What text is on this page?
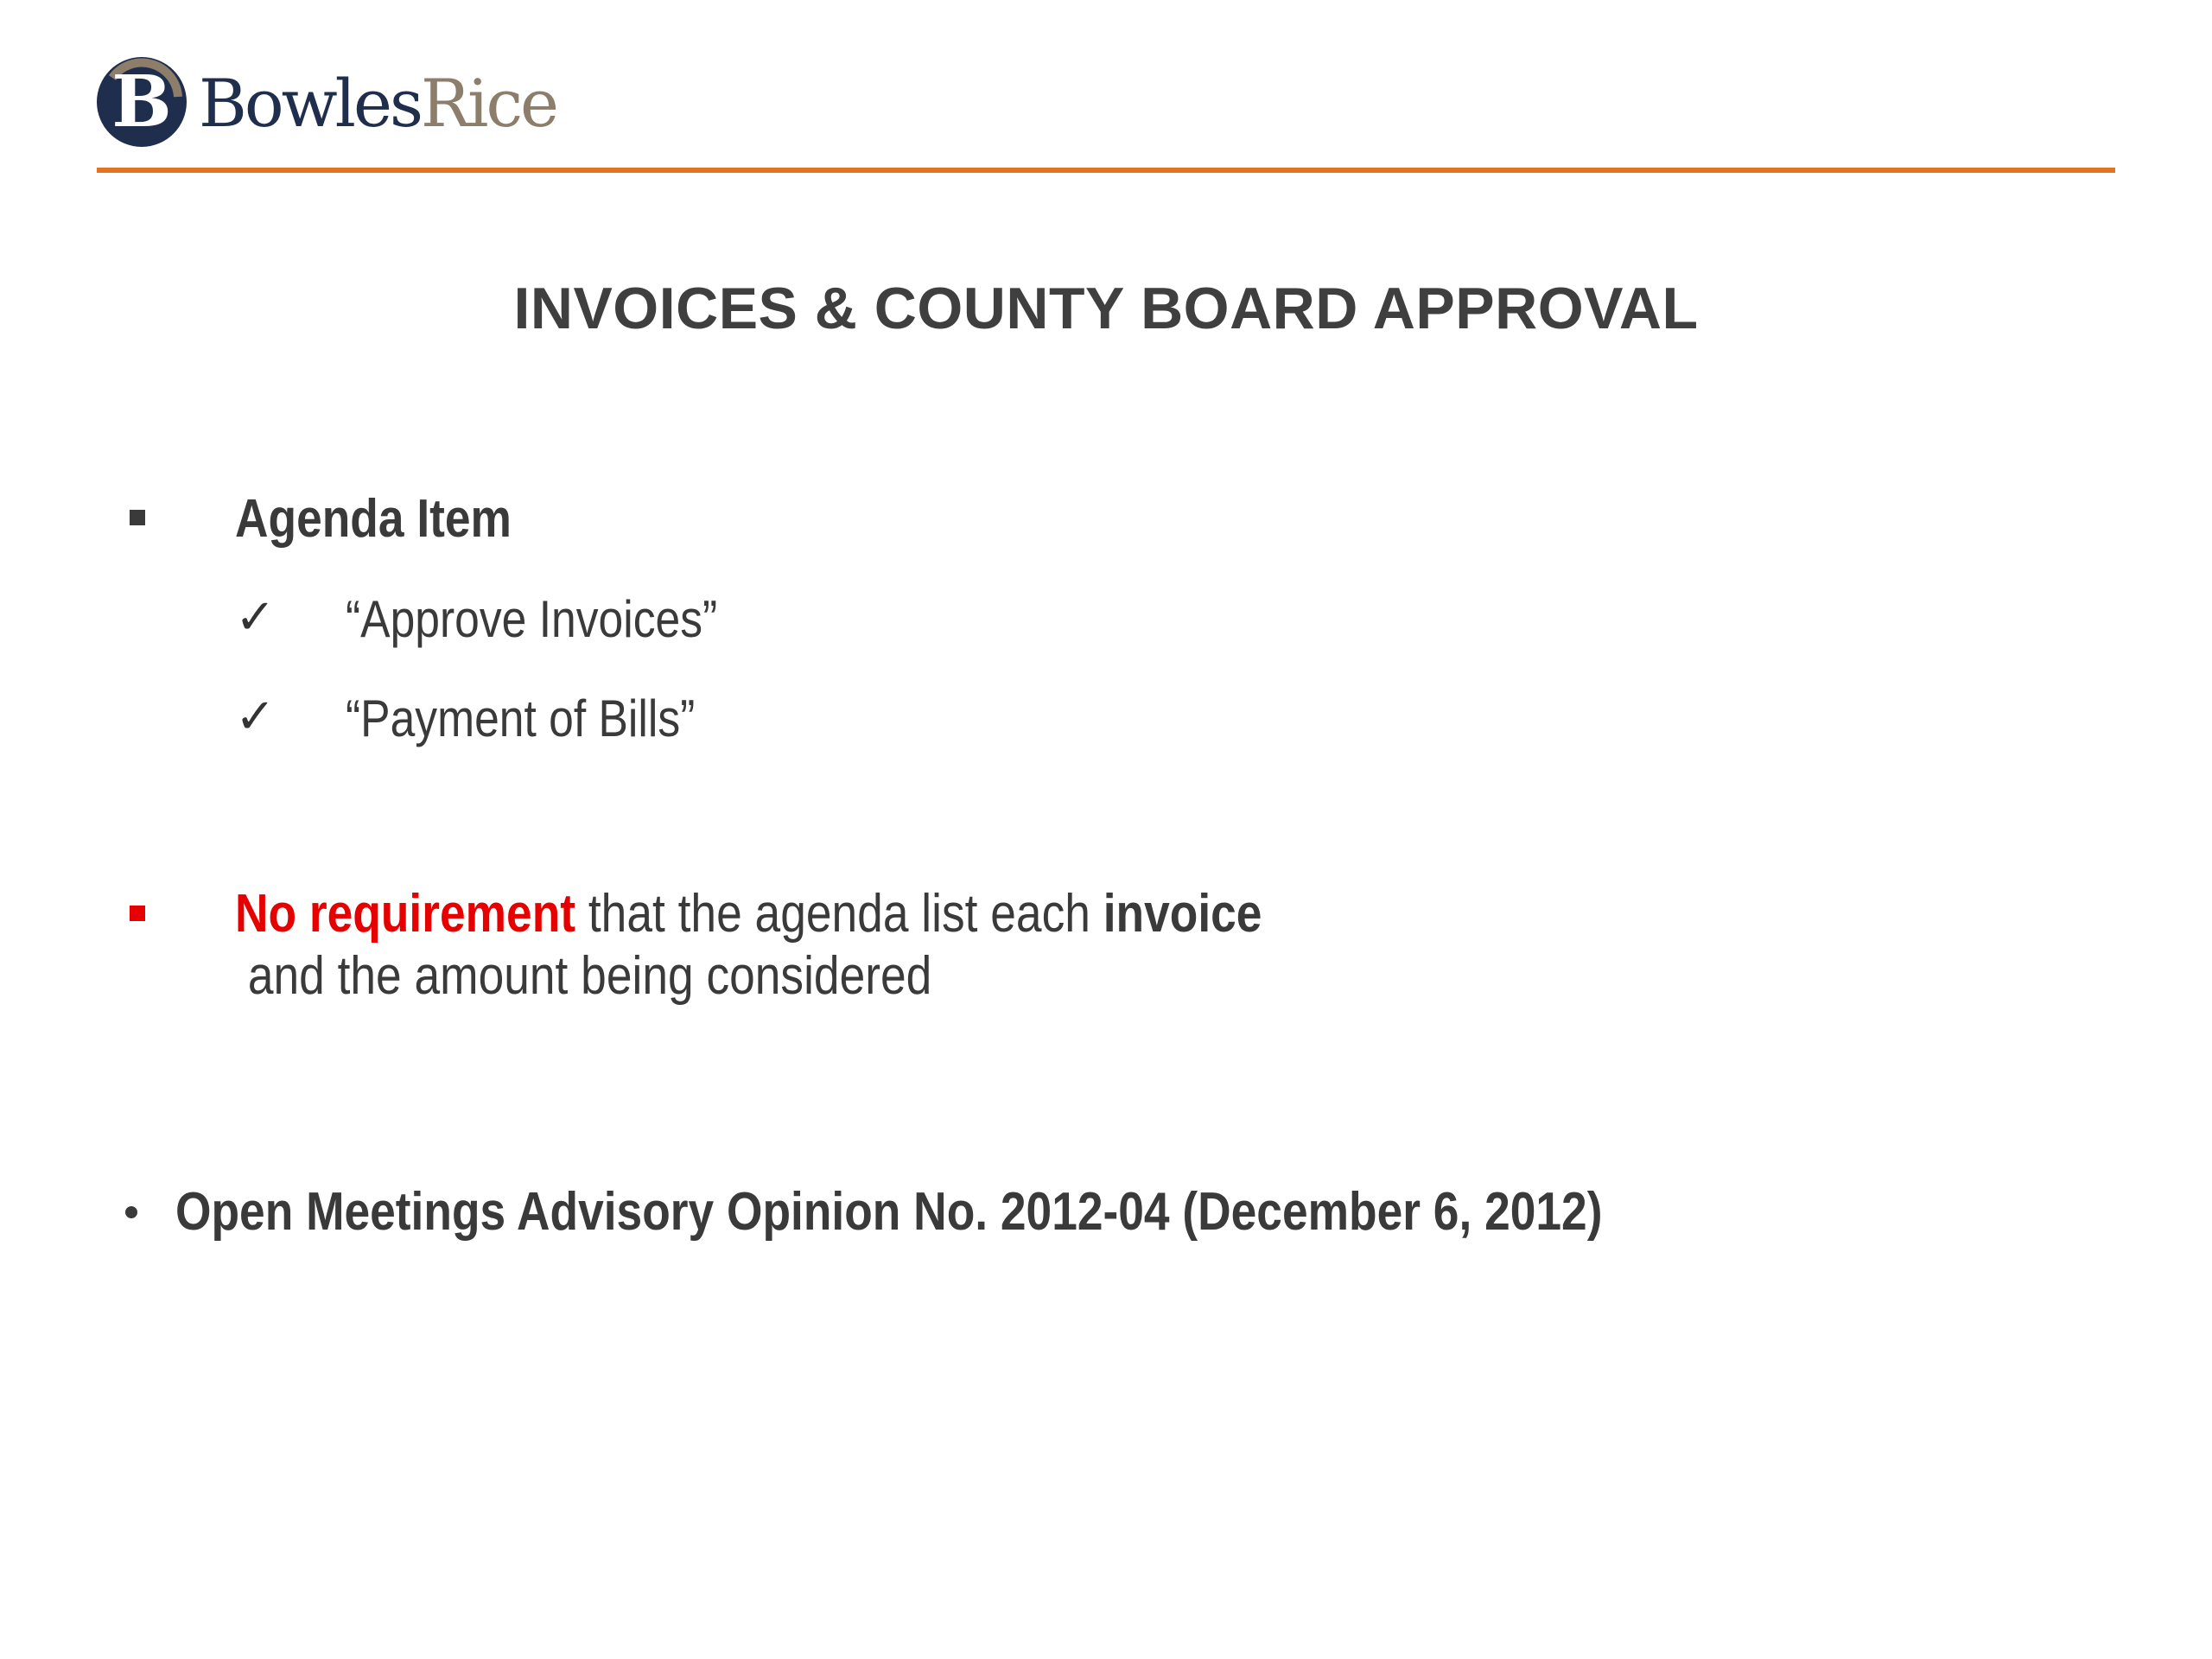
B BowlesRice
INVOICES & COUNTY BOARD APPROVAL
Agenda Item
✓ “Approve Invoices”
✓ “Payment of Bills”
No requirement that the agenda list each invoice and the amount being considered
Open Meetings Advisory Opinion No. 2012-04 (December 6, 2012)
